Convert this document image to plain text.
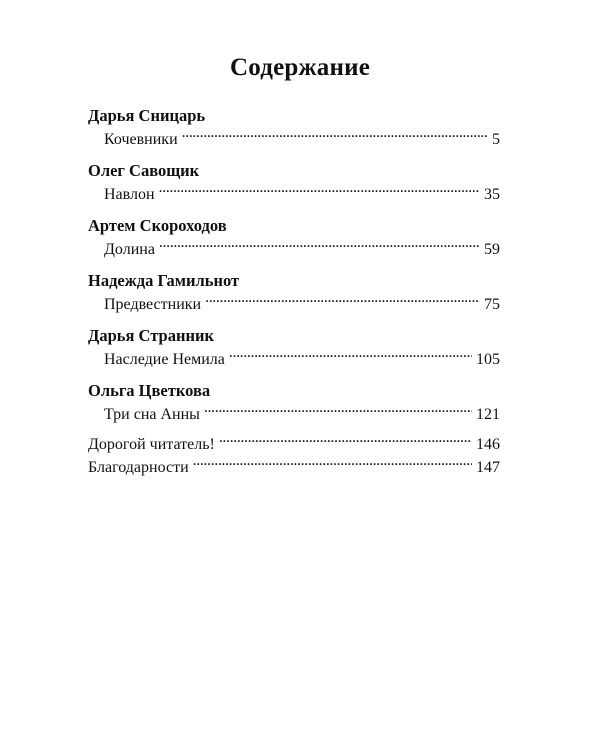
Содержание
Дарья Сницарь
Кочевники . . .	5
Олег Савощик
Навлон . . .	35
Артем Скороходов
Долина . . .	59
Надежда Гамильнот
Предвестники . . .	75
Дарья Странник
Наследие Немила . . .	105
Ольга Цветкова
Три сна Анны . . .	121
Дорогой читатель! . . .	146
Благодарности . . .	147
